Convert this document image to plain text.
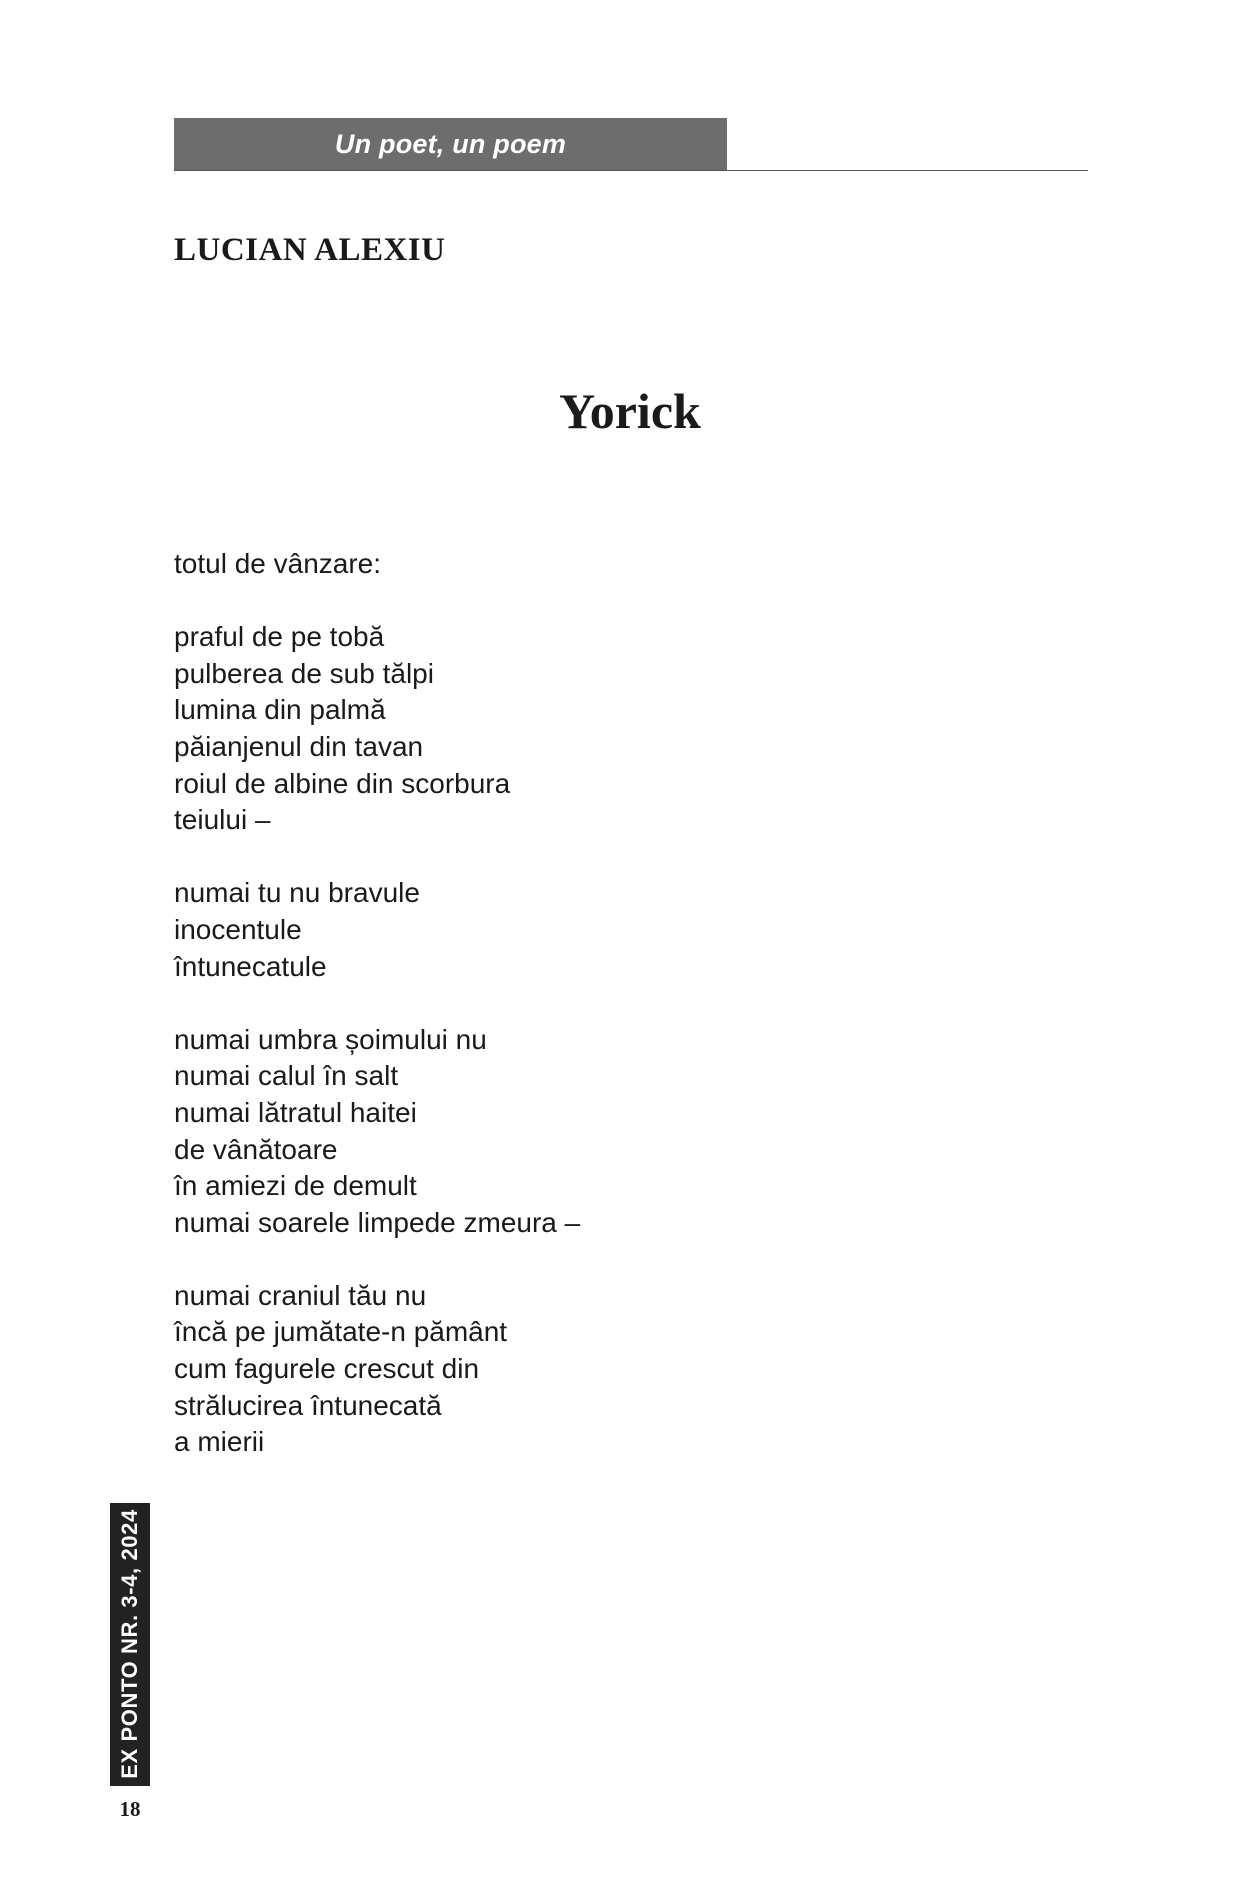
Un poet, un poem
LUCIAN ALEXIU
Yorick
totul de vânzare:
praful de pe tobă
pulberea de sub tălpi
lumina din palmă
păianjenul din tavan
roiul de albine din scorbura
teiului –
numai tu nu bravule
inocentule
întunecatule
numai umbra șoimului nu
numai calul în salt
numai lătratul haitei
de vânătoare
în amiezi de demult
numai soarele limpede zmeura –
numai craniul tău nu
încă pe jumătate-n pământ
cum fagurele crescut din
strălucirea întunecată
a mierii
EX PONTO NR. 3-4, 2024
18
